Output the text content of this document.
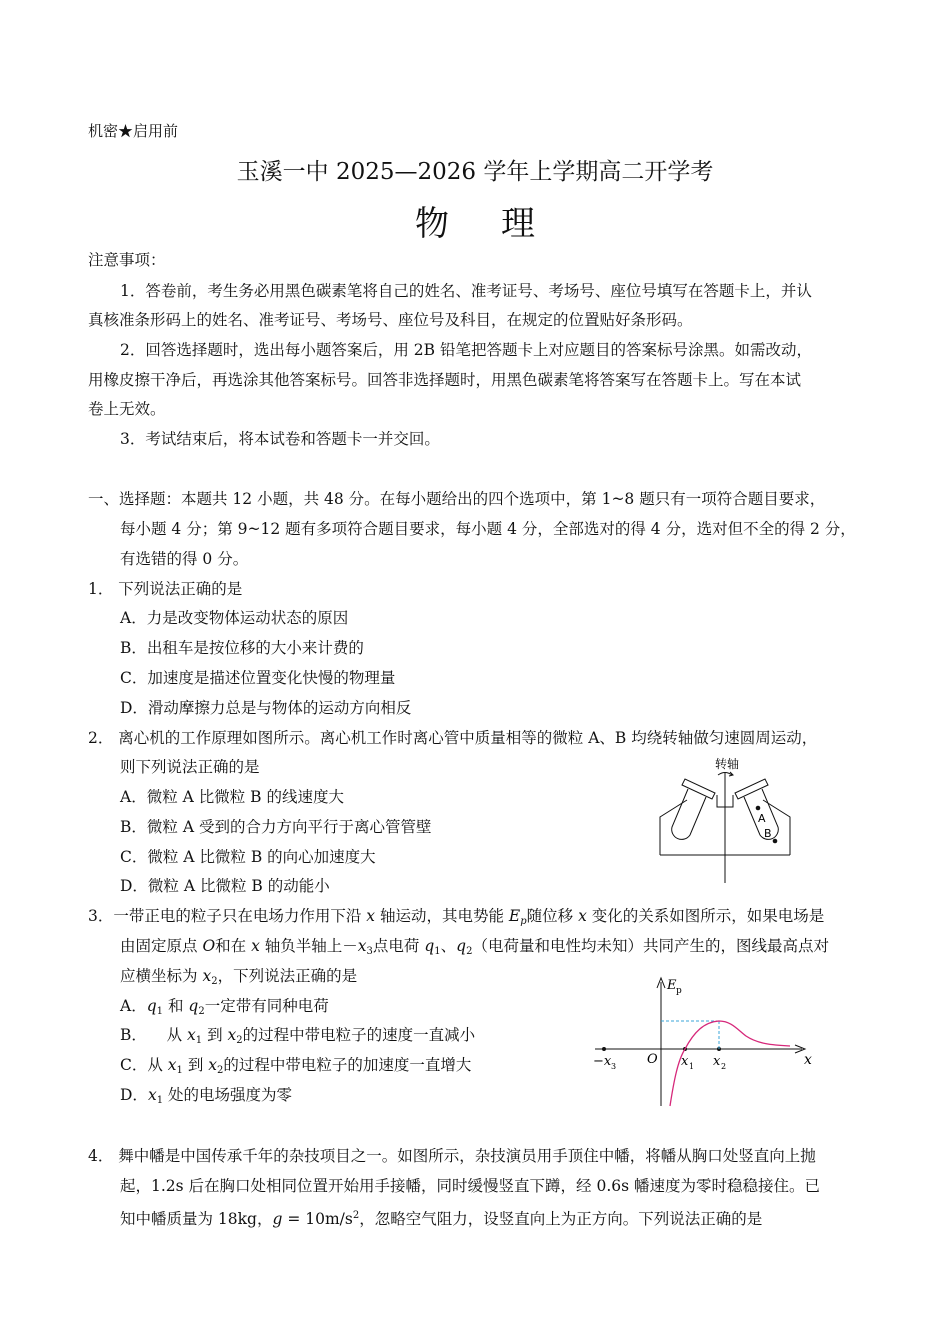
机密★启用前
玉溪一中 2025—2026 学年上学期高二开学考
物理
注意事项：
1．答卷前，考生务必用黑色碳素笔将自己的姓名、准考证号、考场号、座位号填写在答题卡上，并认
真核准条形码上的姓名、准考证号、考场号、座位号及科目，在规定的位置贴好条形码。
2．回答选择题时，选出每小题答案后，用 2B 铅笔把答题卡上对应题目的答案标号涂黑。如需改动，
用橡皮擦干净后，再选涂其他答案标号。回答非选择题时，用黑色碳素笔将答案写在答题卡上。写在本试
卷上无效。
3．考试结束后，将本试卷和答题卡一并交回。
一、选择题：本题共 12 小题，共 48 分。在每小题给出的四个选项中，第 1~8 题只有一项符合题目要求，
每小题 4 分；第 9~12 题有多项符合题目要求，每小题 4 分，全部选对的得 4 分，选对但不全的得 2 分，
有选错的得 0 分。
1． 下列说法正确的是
A．力是改变物体运动状态的原因
B．出租车是按位移的大小来计费的
C．加速度是描述位置变化快慢的物理量
D．滑动摩擦力总是与物体的运动方向相反
2． 离心机的工作原理如图所示。离心机工作时离心管中质量相等的微粒 A、B 均绕转轴做匀速圆周运动，
则下列说法正确的是
A．微粒 A 比微粒 B 的线速度大
B．微粒 A 受到的合力方向平行于离心管管壁
C．微粒 A 比微粒 B 的向心加速度大
D．微粒 A 比微粒 B 的动能小
转轴
A
B
3．一带正电的粒子只在电场力作用下沿 x 轴运动，其电势能 $E_p$随位移 x 变化的关系如图所示，如果电场是
由固定原点 O和在 x 轴负半轴上$-x_3$点电荷 $q_1$、$q_2$（电荷量和电性均未知）共同产生的，图线最高点对
应横坐标为 $x_2$，下列说法正确的是
A．$q_1$ 和 $q_2$一定带有同种电荷
B．    从 $x_1$ 到 $x_2$的过程中带电粒子的速度一直减小
C．从 $x_1$ 到 $x_2$的过程中带电粒子的加速度一直增大
D．$x_1$ 处的电场强度为零
E p
x
O
−x 3	x 1 x 2
4． 舞中幡是中国传承千年的杂技项目之一。如图所示，杂技演员用手顶住中幡，将幡从胸口处竖直向上抛
起，1.2s 后在胸口处相同位置开始用手接幡，同时缓慢竖直下蹲，经 0.6s 幡速度为零时稳稳接住。已
知中幡质量为 18kg，$g = 10m/s^2$，忽略空气阻力，设竖直向上为正方向。下列说法正确的是
